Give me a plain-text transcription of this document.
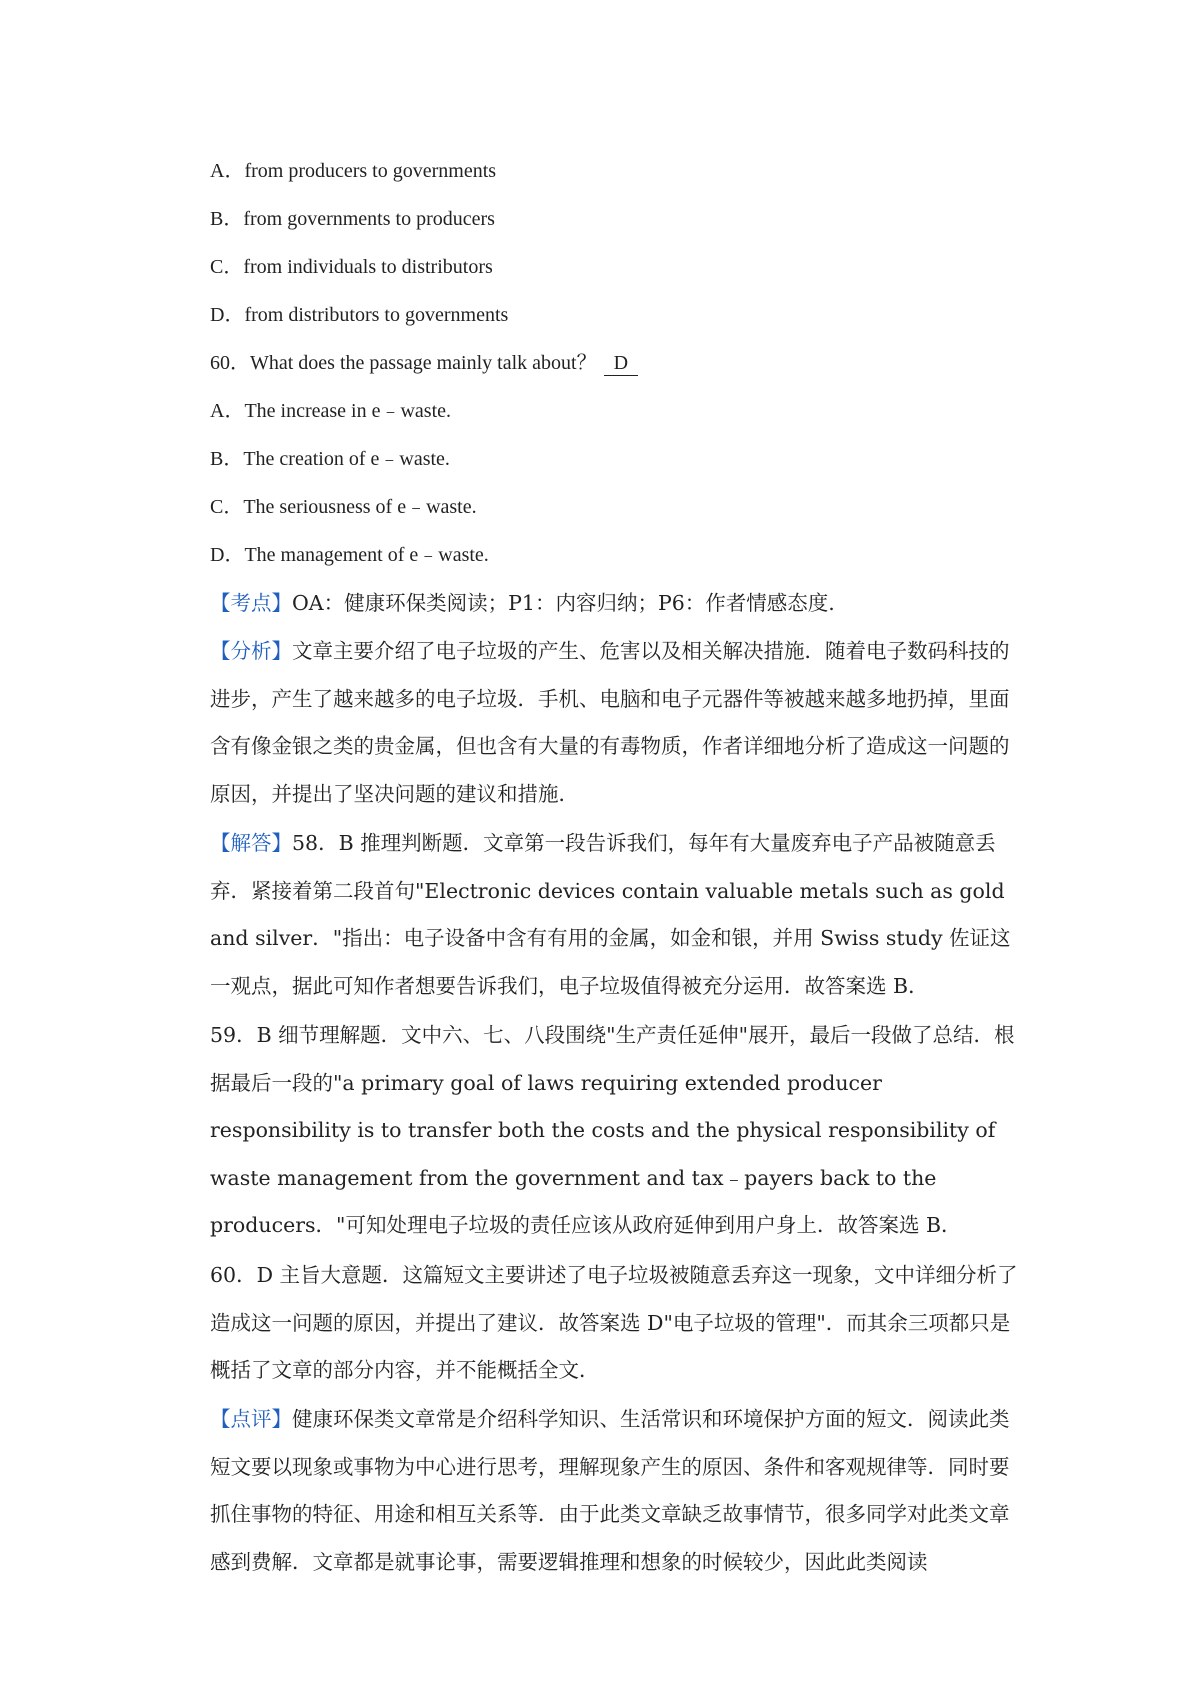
A．from producers to governments
B．from governments to producers
C．from individuals to distributors
D．from distributors to governments
60．What does the passage mainly talk about？ D
A．The increase in e﹣waste.
B．The creation of e﹣waste.
C．The seriousness of e﹣waste.
D．The management of e﹣waste.
【考点】OA：健康环保类阅读；P1：内容归纳；P6：作者情感态度.
【分析】文章主要介绍了电子垃圾的产生、危害以及相关解决措施．随着电子数码科技的进步，产生了越来越多的电子垃圾．手机、电脑和电子元器件等被越来越多地扔掉，里面含有像金银之类的贵金属，但也含有大量的有毒物质，作者详细地分析了造成这一问题的原因，并提出了坚决问题的建议和措施．
【解答】58．B 推理判断题．文章第一段告诉我们，每年有大量废弃电子产品被随意丢弃．紧接着第二段首句"Electronic devices contain valuable metals such as gold and silver．"指出：电子设备中含有有用的金属，如金和银，并用 Swiss study 佐证这一观点，据此可知作者想要告诉我们，电子垃圾值得被充分运用．故答案选 B．
59．B 细节理解题．文中六、七、八段围绕"生产责任延伸"展开，最后一段做了总结．根据最后一段的"a primary goal of laws requiring extended producer responsibility is to transfer both the costs and the physical responsibility of waste management from the government and tax﹣payers back to the producers．"可知处理电子垃圾的责任应该从政府延伸到用户身上．故答案选 B．
60．D 主旨大意题．这篇短文主要讲述了电子垃圾被随意丢弃这一现象，文中详细分析了造成这一问题的原因，并提出了建议．故答案选 D"电子垃圾的管理"．而其余三项都只是概括了文章的部分内容，并不能概括全文．
【点评】健康环保类文章常是介绍科学知识、生活常识和环境保护方面的短文．阅读此类短文要以现象或事物为中心进行思考，理解现象产生的原因、条件和客观规律等．同时要抓住事物的特征、用途和相互关系等．由于此类文章缺乏故事情节，很多同学对此类文章感到费解．文章都是就事论事，需要逻辑推理和想象的时候较少，因此此类阅读
